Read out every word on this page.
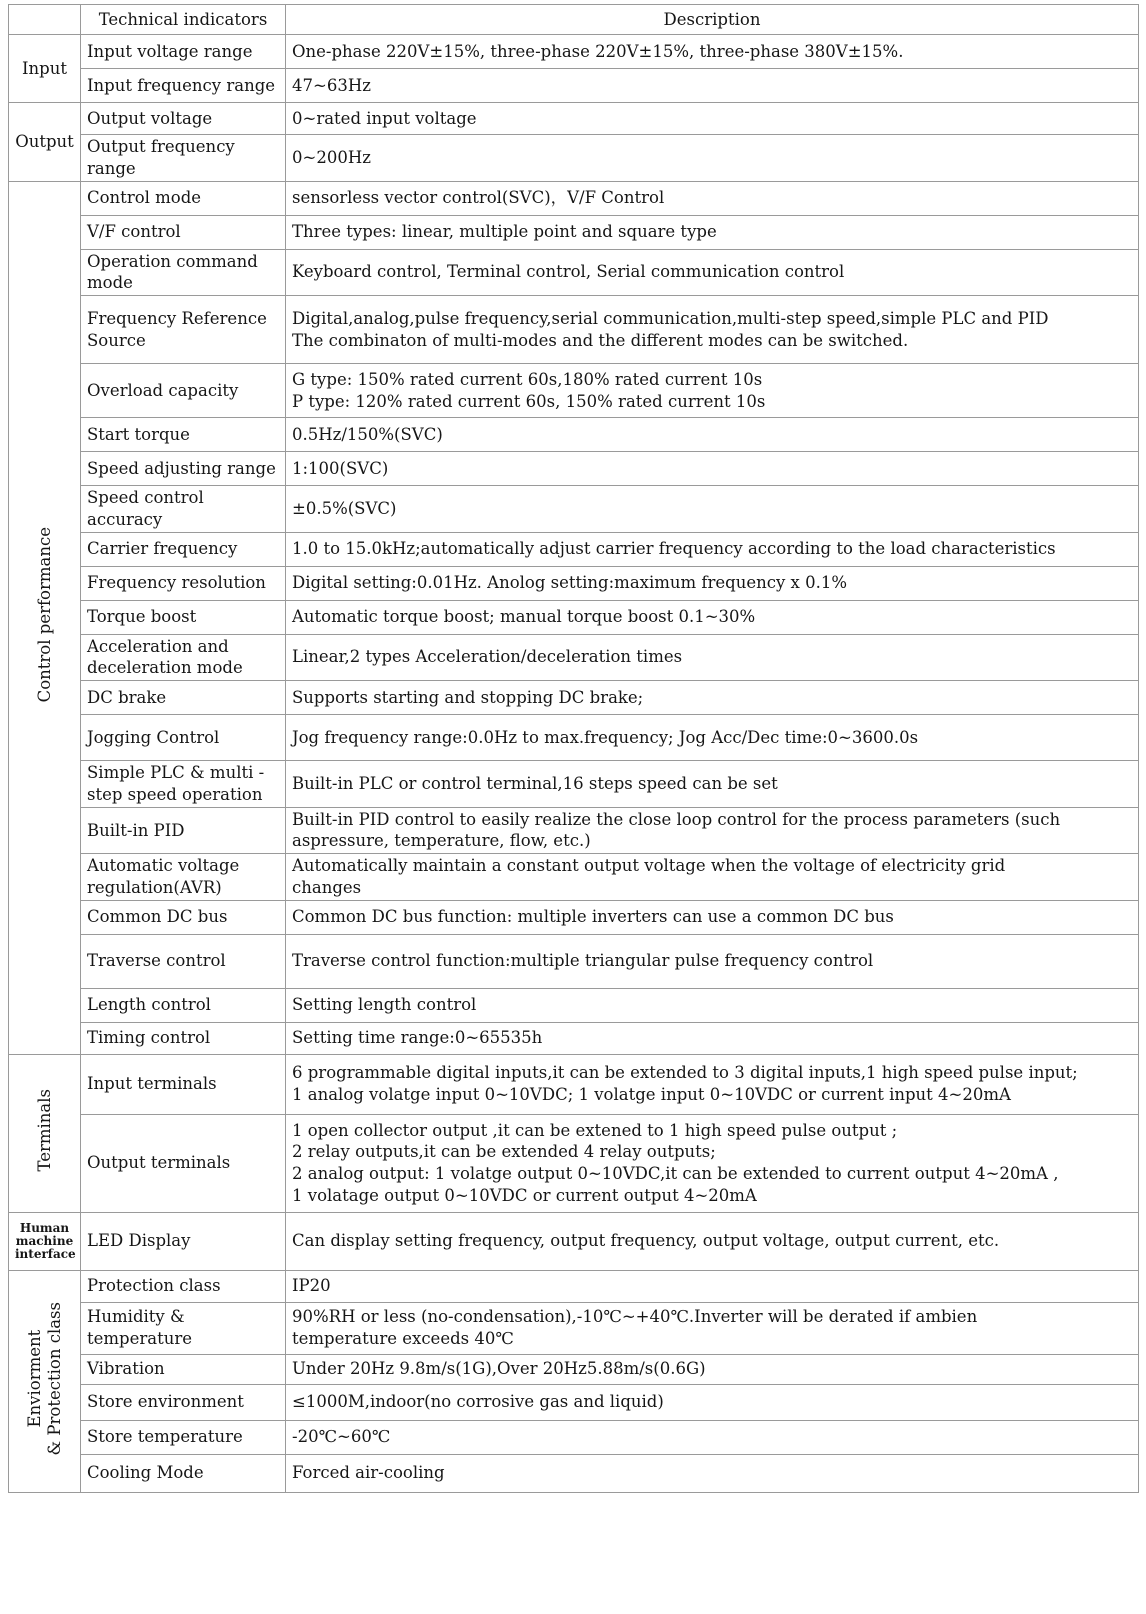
	Technical indicators	Description

Input	Input voltage range	One-phase 220V±15%, three-phase 220V±15%, three-phase 380V±15%.

	Input frequency range	47~63Hz

Output	Output voltage	0~rated input voltage

	Output frequency range	0~200Hz

Control performance	Control mode	sensorless vector control(SVC)，V/F Control

	V/F control	Three types: linear, multiple point and square type

	Operation command mode	Keyboard control, Terminal control, Serial communication control

	Frequency Reference Source	Digital,analog,pulse frequency,serial communication,multi-step speed,simple PLC and PID
The combinaton of multi-modes and the different modes can be switched.

	Overload capacity	G type: 150% rated current 60s,180% rated current 10s
P type: 120% rated current 60s, 150% rated current 10s

	Start torque	0.5Hz/150%(SVC)

	Speed adjusting range	1:100(SVC)

	Speed control accuracy	±0.5%(SVC)

	Carrier frequency	1.0 to 15.0kHz;automatically adjust carrier frequency according to the load characteristics

	Frequency resolution	Digital setting:0.01Hz. Anolog setting:maximum frequency x 0.1%

	Torque boost	Automatic torque boost; manual torque boost 0.1~30%

	Acceleration and deceleration mode	Linear,2 types Acceleration/deceleration times

	DC brake	Supports starting and stopping DC brake;

	Jogging Control	Jog frequency range:0.0Hz to max.frequency; Jog Acc/Dec time:0~3600.0s

	Simple PLC & multi -step speed operation	Built-in PLC or control terminal,16 steps speed can be set

	Built-in PID	Built-in PID control to easily realize the close loop control for the process parameters (such
aspressure, temperature, flow, etc.)

	Automatic voltage regulation(AVR)	Automatically maintain a constant output voltage when the voltage of electricity grid
changes

	Common DC bus	Common DC bus function: multiple inverters can use a common DC bus

	Traverse control	Traverse control function:multiple triangular pulse frequency control

	Length control	Setting length control

	Timing control	Setting time range:0~65535h

Terminals	Input terminals	6 programmable digital inputs,it can be extended to 3 digital inputs,1 high speed pulse input;
1 analog volatge input 0~10VDC; 1 volatge input 0~10VDC or current input 4~20mA

	Output terminals	1 open collector output ,it can be extened to 1 high speed pulse output ;
2 relay outputs,it can be extended 4 relay outputs;
2 analog output: 1 volatge output 0~10VDC,it can be extended to current output 4~20mA ,
1 volatage output 0~10VDC or current output 4~20mA

Human
machine
interface	LED Display	Can display setting frequency, output frequency, output voltage, output current, etc.

Enviorment & Protection class	Protection class	IP20

	Humidity & temperature	90%RH or less (no-condensation),-10℃~+40℃.Inverter will be derated if ambien
temperature exceeds 40℃

	Vibration	Under 20Hz 9.8m/s(1G),Over 20Hz5.88m/s(0.6G)

	Store environment	≤1000M,indoor(no corrosive gas and liquid)

	Store temperature	-20℃~60℃

	Cooling Mode	Forced air-cooling
